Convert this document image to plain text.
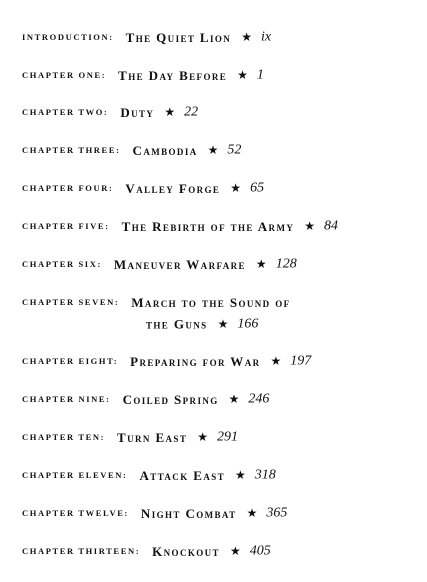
INTRODUCTION: The Quiet Lion ★ ix
CHAPTER ONE: The Day Before ★ 1
CHAPTER TWO: Duty ★ 22
CHAPTER THREE: Cambodia ★ 52
CHAPTER FOUR: Valley Forge ★ 65
CHAPTER FIVE: The Rebirth of the Army ★ 84
CHAPTER SIX: Maneuver Warfare ★ 128
CHAPTER SEVEN: March to the Sound of
the Guns ★ 166
CHAPTER EIGHT: Preparing for War ★ 197
CHAPTER NINE: Coiled Spring ★ 246
CHAPTER TEN: Turn East ★ 291
CHAPTER ELEVEN: Attack East ★ 318
CHAPTER TWELVE: Night Combat ★ 365
CHAPTER THIRTEEN: Knockout ★ 405
